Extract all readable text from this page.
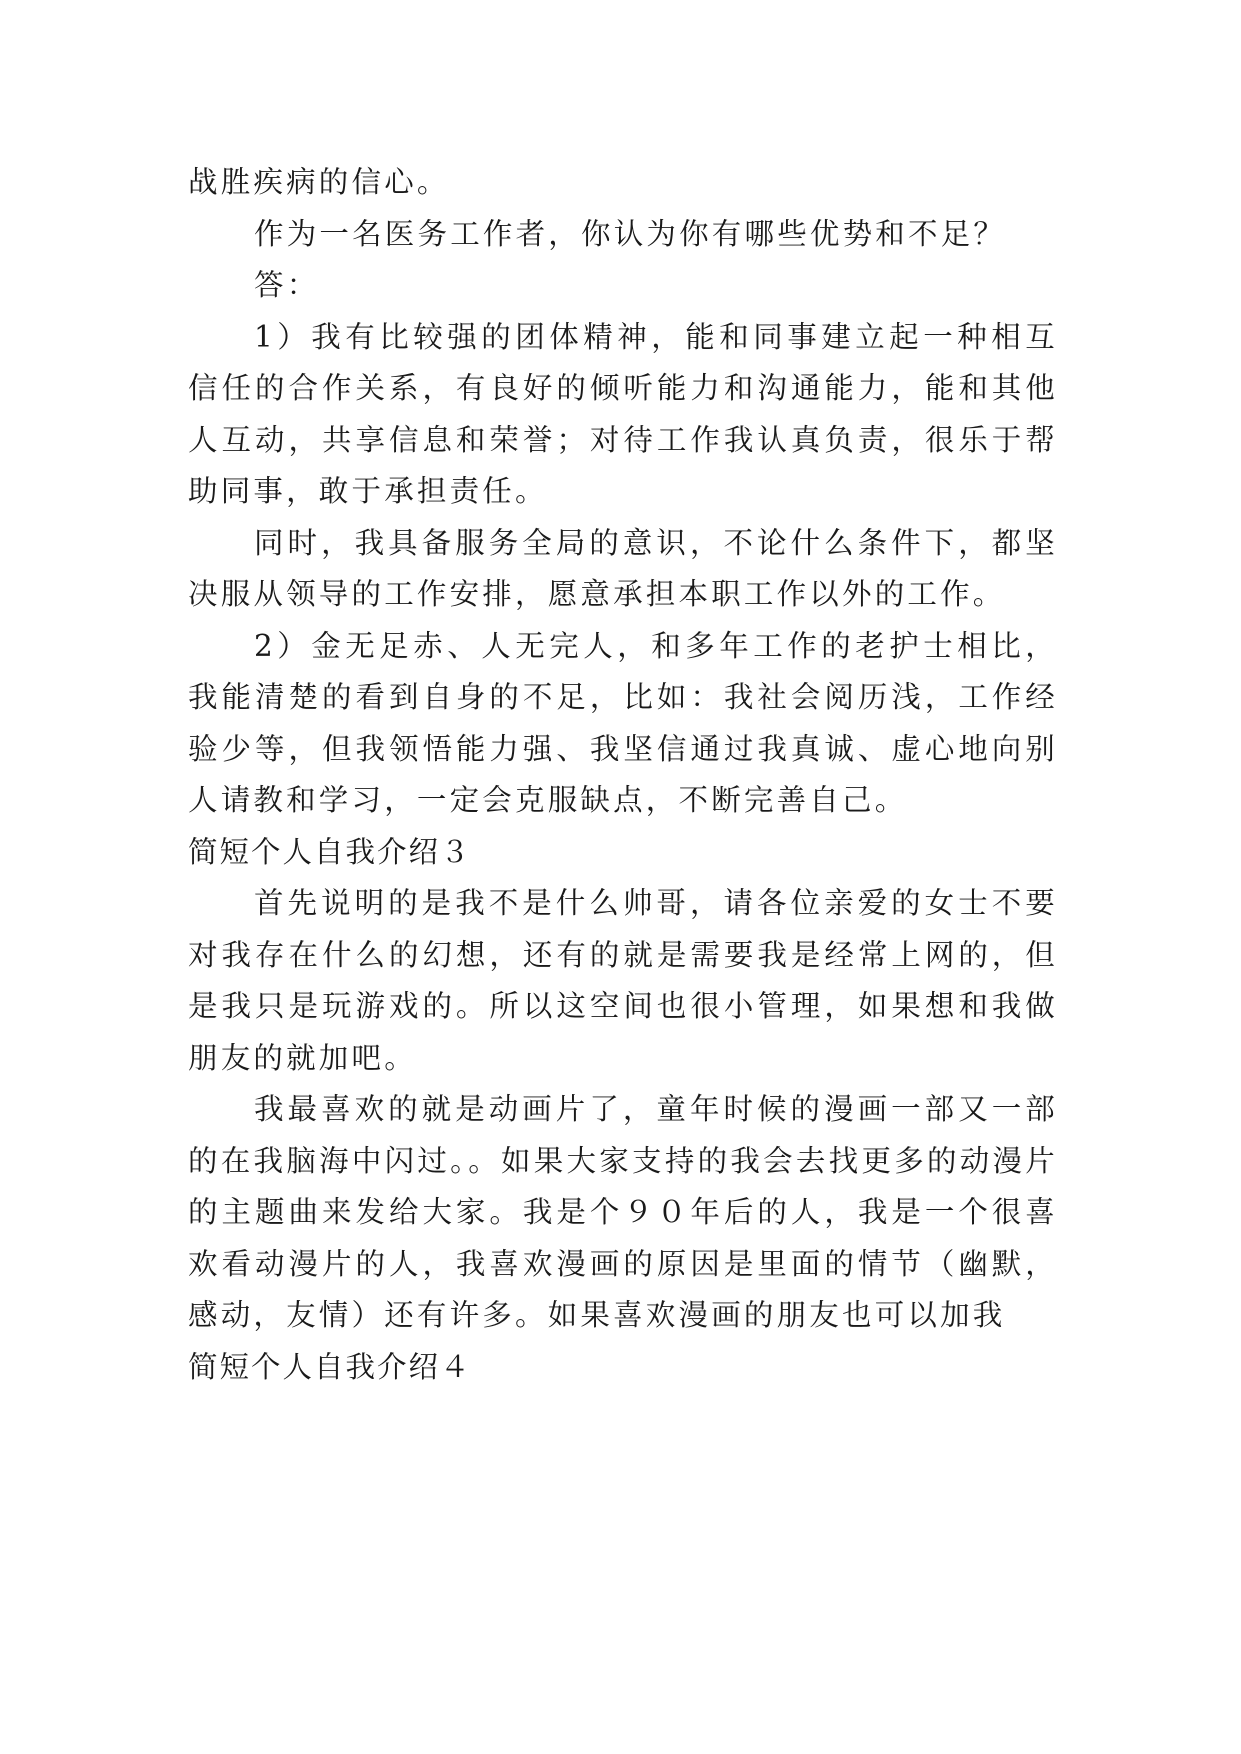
战胜疾病的信心。

作为一名医务工作者，你认为你有哪些优势和不足？

答：

1）我有比较强的团体精神，能和同事建立起一种相互信任的合作关系，有良好的倾听能力和沟通能力，能和其他人互动，共享信息和荣誉；对待工作我认真负责，很乐于帮助同事，敢于承担责任。

同时，我具备服务全局的意识，不论什么条件下，都坚决服从领导的工作安排，愿意承担本职工作以外的工作。

2）金无足赤、人无完人，和多年工作的老护士相比，我能清楚的看到自身的不足，比如：我社会阅历浅，工作经验少等，但我领悟能力强、我坚信通过我真诚、虚心地向别人请教和学习，一定会克服缺点，不断完善自己。

简短个人自我介绍３

首先说明的是我不是什么帅哥，请各位亲爱的女士不要对我存在什么的幻想，还有的就是需要我是经常上网的，但是我只是玩游戏的。所以这空间也很小管理，如果想和我做朋友的就加吧。

我最喜欢的就是动画片了，童年时候的漫画一部又一部的在我脑海中闪过。。如果大家支持的我会去找更多的动漫片的主题曲来发给大家。我是个９０年后的人，我是一个很喜欢看动漫片的人，我喜欢漫画的原因是里面的情节（幽默，感动，友情）还有许多。如果喜欢漫画的朋友也可以加我

简短个人自我介绍４
